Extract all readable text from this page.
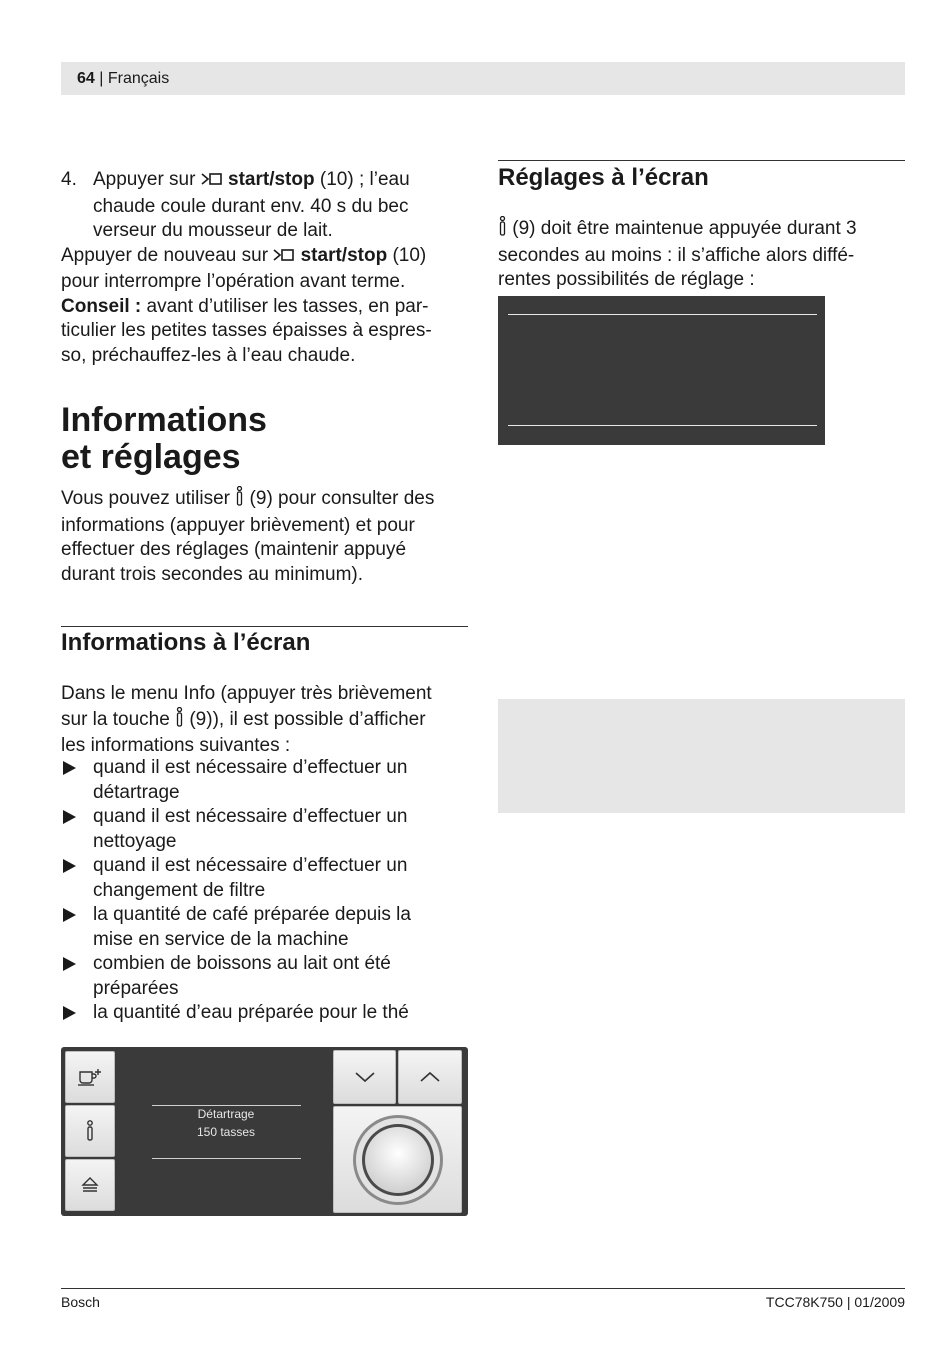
64 | Français
4. Appuyer sur start/stop (10) ; l’eau
chaude coule durant env. 40 s du bec
verseur du mousseur de lait.
Appuyer de nouveau sur start/stop (10)
pour interrompre l’opération avant terme.
Conseil : avant d’utiliser les tasses, en par-
ticulier les petites tasses épaisses à espres-
so, préchauffez-les à l’eau chaude.
Informations
et réglages
Vous pouvez utiliser  (9) pour consulter des
informations (appuyer brièvement) et pour
effectuer des réglages (maintenir appuyé
durant trois secondes au minimum).
Informations à l’écran
Dans le menu Info (appuyer très brièvement
sur la touche  (9)), il est possible d’afficher
les informations suivantes :
quand il est nécessaire d’effectuer un
détartrage
quand il est nécessaire d’effectuer un
nettoyage
quand il est nécessaire d’effectuer un
changement de filtre
la quantité de café préparée depuis la
mise en service de la machine
combien de boissons au lait ont été
préparées
la quantité d’eau préparée pour le thé
Détartrage
150 tasses
Réglages à l’écran
(9) doit être maintenue appuyée durant 3
secondes au moins : il s’affiche alors diffé-
rentes possibilités de réglage :
Bosch	TCC78K750 | 01/2009
